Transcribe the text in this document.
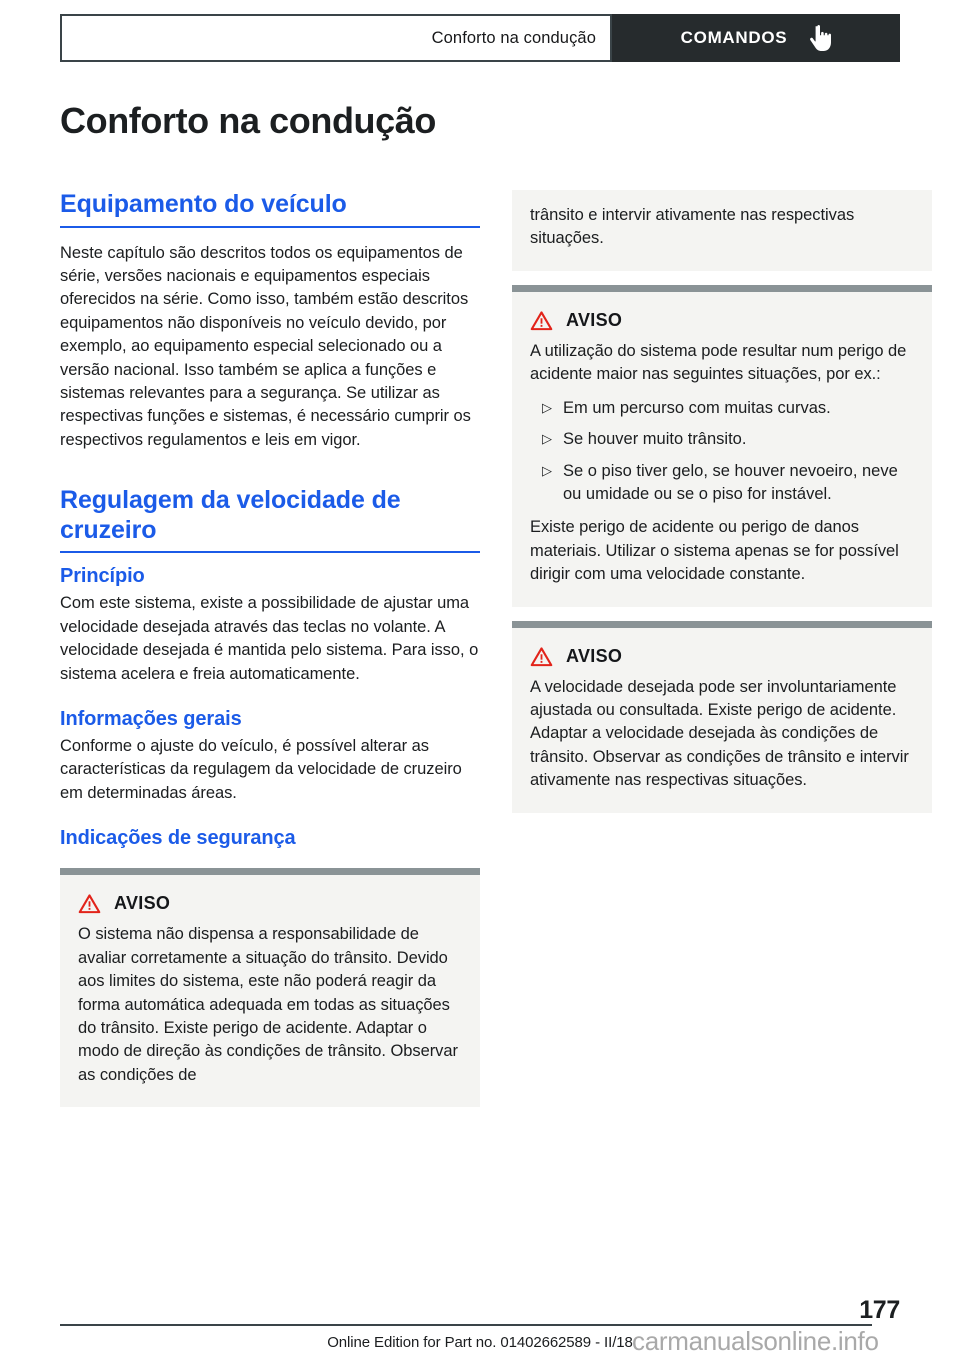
Conforto na condução	COMANDOS
Conforto na condução
Equipamento do veículo

Neste capítulo são descritos todos os equipamentos de série, versões nacionais e equipamentos especiais oferecidos na série. Como isso, também estão descritos equipamentos não disponíveis no veículo devido, por exemplo, ao equipamento especial selecionado ou a versão nacional. Isso também se aplica a funções e sistemas relevantes para a segurança. Se utilizar as respectivas funções e sistemas, é necessário cumprir os respectivos regulamentos e leis em vigor.

Regulagem da velocidade de cruzeiro
Princípio

Com este sistema, existe a possibilidade de ajustar uma velocidade desejada através das teclas no volante. A velocidade desejada é mantida pelo sistema. Para isso, o sistema acelera e freia automaticamente.

Informações gerais

Conforme o ajuste do veículo, é possível alterar as características da regulagem da velocidade de cruzeiro em determinadas áreas.

Indicações de segurança
AVISO

O sistema não dispensa a responsabilidade de avaliar corretamente a situação do trânsito. Devido aos limites do sistema, este não poderá reagir da forma automática adequada em todas as situações do trânsito. Existe perigo de acidente. Adaptar o modo de direção às condições de trânsito. Observar as condições de

trânsito e intervir ativamente nas respectivas situações.

AVISO

A utilização do sistema pode resultar num perigo de acidente maior nas seguintes situações, por ex.:

▷ Em um percurso com muitas curvas.
▷ Se houver muito trânsito.
▷ Se o piso tiver gelo, se houver nevoeiro, neve ou umidade ou se o piso for instável.

Existe perigo de acidente ou perigo de danos materiais. Utilizar o sistema apenas se for possível dirigir com uma velocidade constante.

AVISO

A velocidade desejada pode ser involuntariamente ajustada ou consultada. Existe perigo de acidente. Adaptar a velocidade desejada às condições de trânsito. Observar as condições de trânsito e intervir ativamente nas respectivas situações.

177
Online Edition for Part no. 01402662589 - II/18 carmanualsonline.info
